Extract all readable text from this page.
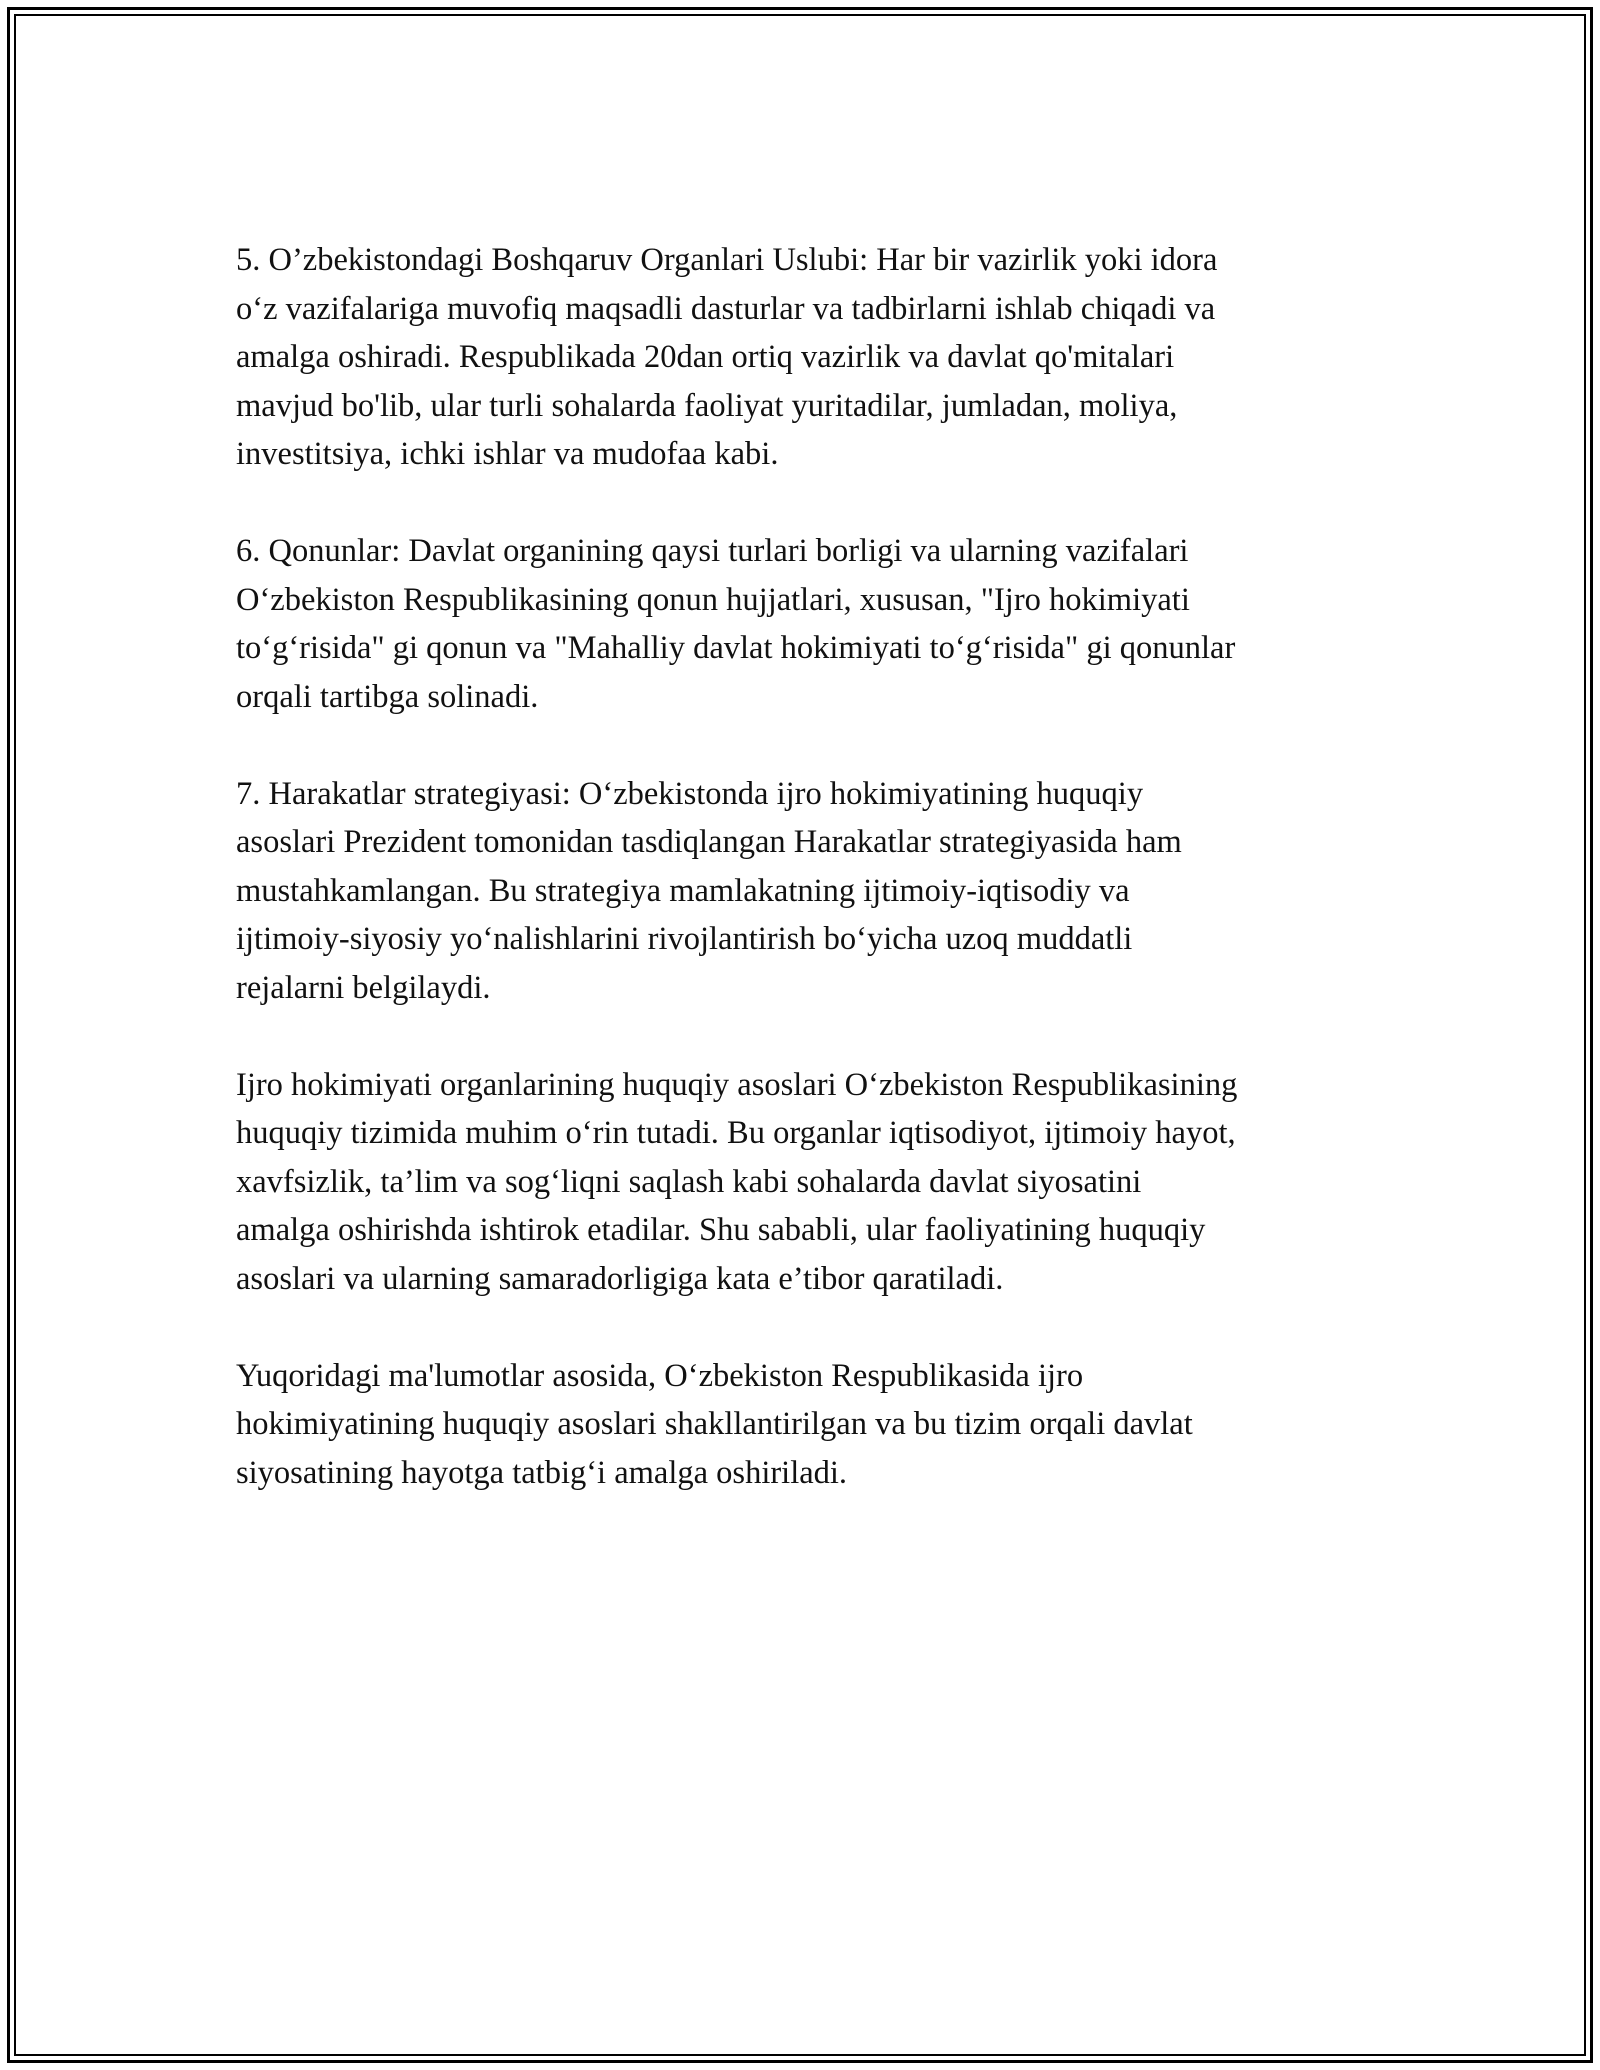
5. O’zbekistondagi Boshqaruv Organlari Uslubi: Har bir vazirlik yoki idora
o‘z vazifalariga muvofiq maqsadli dasturlar va tadbirlarni ishlab chiqadi va
amalga oshiradi. Respublikada 20dan ortiq vazirlik va davlat qo'mitalari
mavjud bo'lib, ular turli sohalarda faoliyat yuritadilar, jumladan, moliya,
investitsiya, ichki ishlar va mudofaa kabi.

6. Qonunlar: Davlat organining qaysi turlari borligi va ularning vazifalari
O‘zbekiston Respublikasining qonun hujjatlari, xususan, "Ijro hokimiyati
to‘g‘risida" gi qonun va "Mahalliy davlat hokimiyati to‘g‘risida" gi qonunlar
orqali tartibga solinadi.

7. Harakatlar strategiyasi: O‘zbekistonda ijro hokimiyatining huquqiy
asoslari Prezident tomonidan tasdiqlangan Harakatlar strategiyasida ham
mustahkamlangan. Bu strategiya mamlakatning ijtimoiy-iqtisodiy va
ijtimoiy-siyosiy yo‘nalishlarini rivojlantirish bo‘yicha uzoq muddatli
rejalarni belgilaydi.

Ijro hokimiyati organlarining huquqiy asoslari O‘zbekiston Respublikasining
huquqiy tizimida muhim o‘rin tutadi. Bu organlar iqtisodiyot, ijtimoiy hayot,
xavfsizlik, ta’lim va sog‘liqni saqlash kabi sohalarda davlat siyosatini
amalga oshirishda ishtirok etadilar. Shu sababli, ular faoliyatining huquqiy
asoslari va ularning samaradorligiga kata e’tibor qaratiladi.

Yuqoridagi ma'lumotlar asosida, O‘zbekiston Respublikasida ijro
hokimiyatining huquqiy asoslari shakllantirilgan va bu tizim orqali davlat
siyosatining hayotga tatbig‘i amalga oshiriladi.
